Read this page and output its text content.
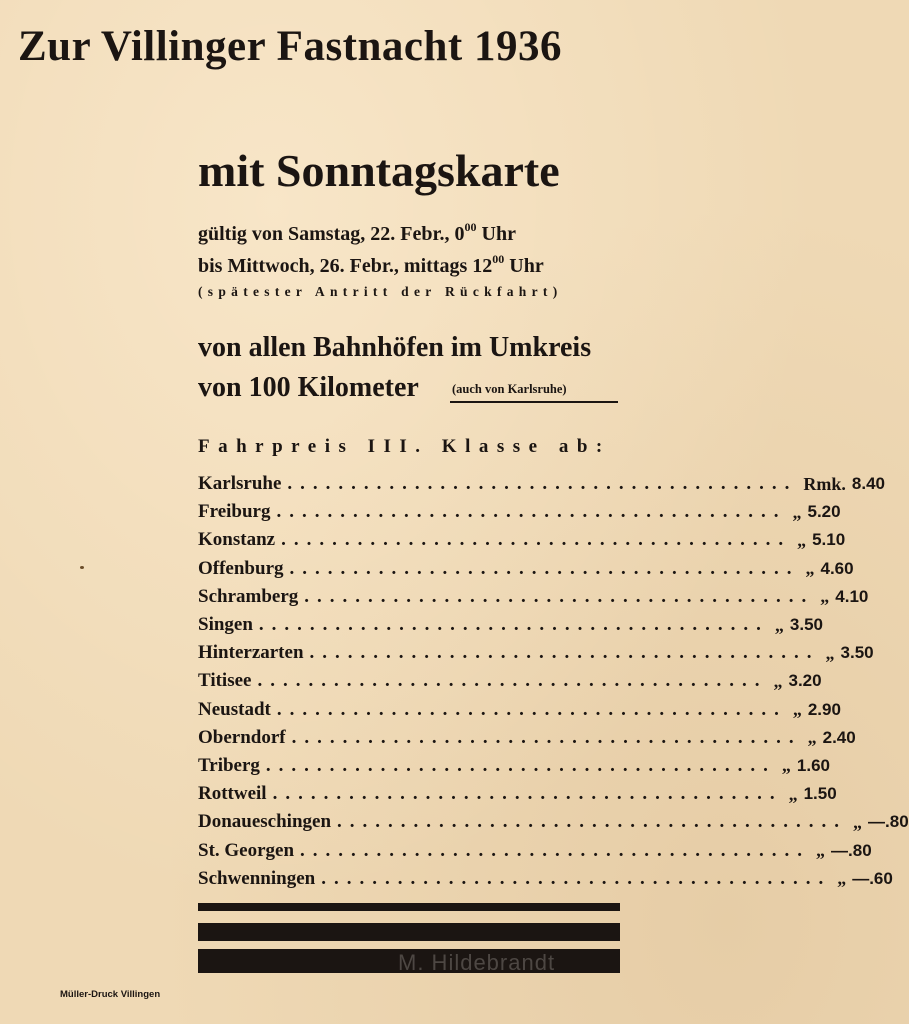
Zur Villinger Fastnacht 1936
mit Sonntagskarte
gültig von Samstag, 22. Febr., $0^{00}$ Uhr
bis Mittwoch, 26. Febr., mittags $12^{00}$ Uhr
(spätester Antritt der Rückfahrt)
von allen Bahnhöfen im Umkreis
von 100 Kilometer	(auch von Karlsruhe)
Fahrpreis III. Klasse ab:
Karlsruhe ........................................ Rmk. 8.40
Freiburg ........................................ „ 5.20
Konstanz ........................................ „ 5.10
Offenburg ........................................ „ 4.60
Schramberg ........................................ „ 4.10
Singen ........................................ „ 3.50
Hinterzarten ........................................ „ 3.50
Titisee ........................................ „ 3.20
Neustadt ........................................ „ 2.90
Oberndorf ........................................ „ 2.40
Triberg ........................................ „ 1.60
Rottweil ........................................ „ 1.50
Donaueschingen ........................................ „ —.80
St. Georgen ........................................ „ —.80
Schwenningen ........................................ „ —.60
M. Hildebrandt
Müller-Druck Villingen
